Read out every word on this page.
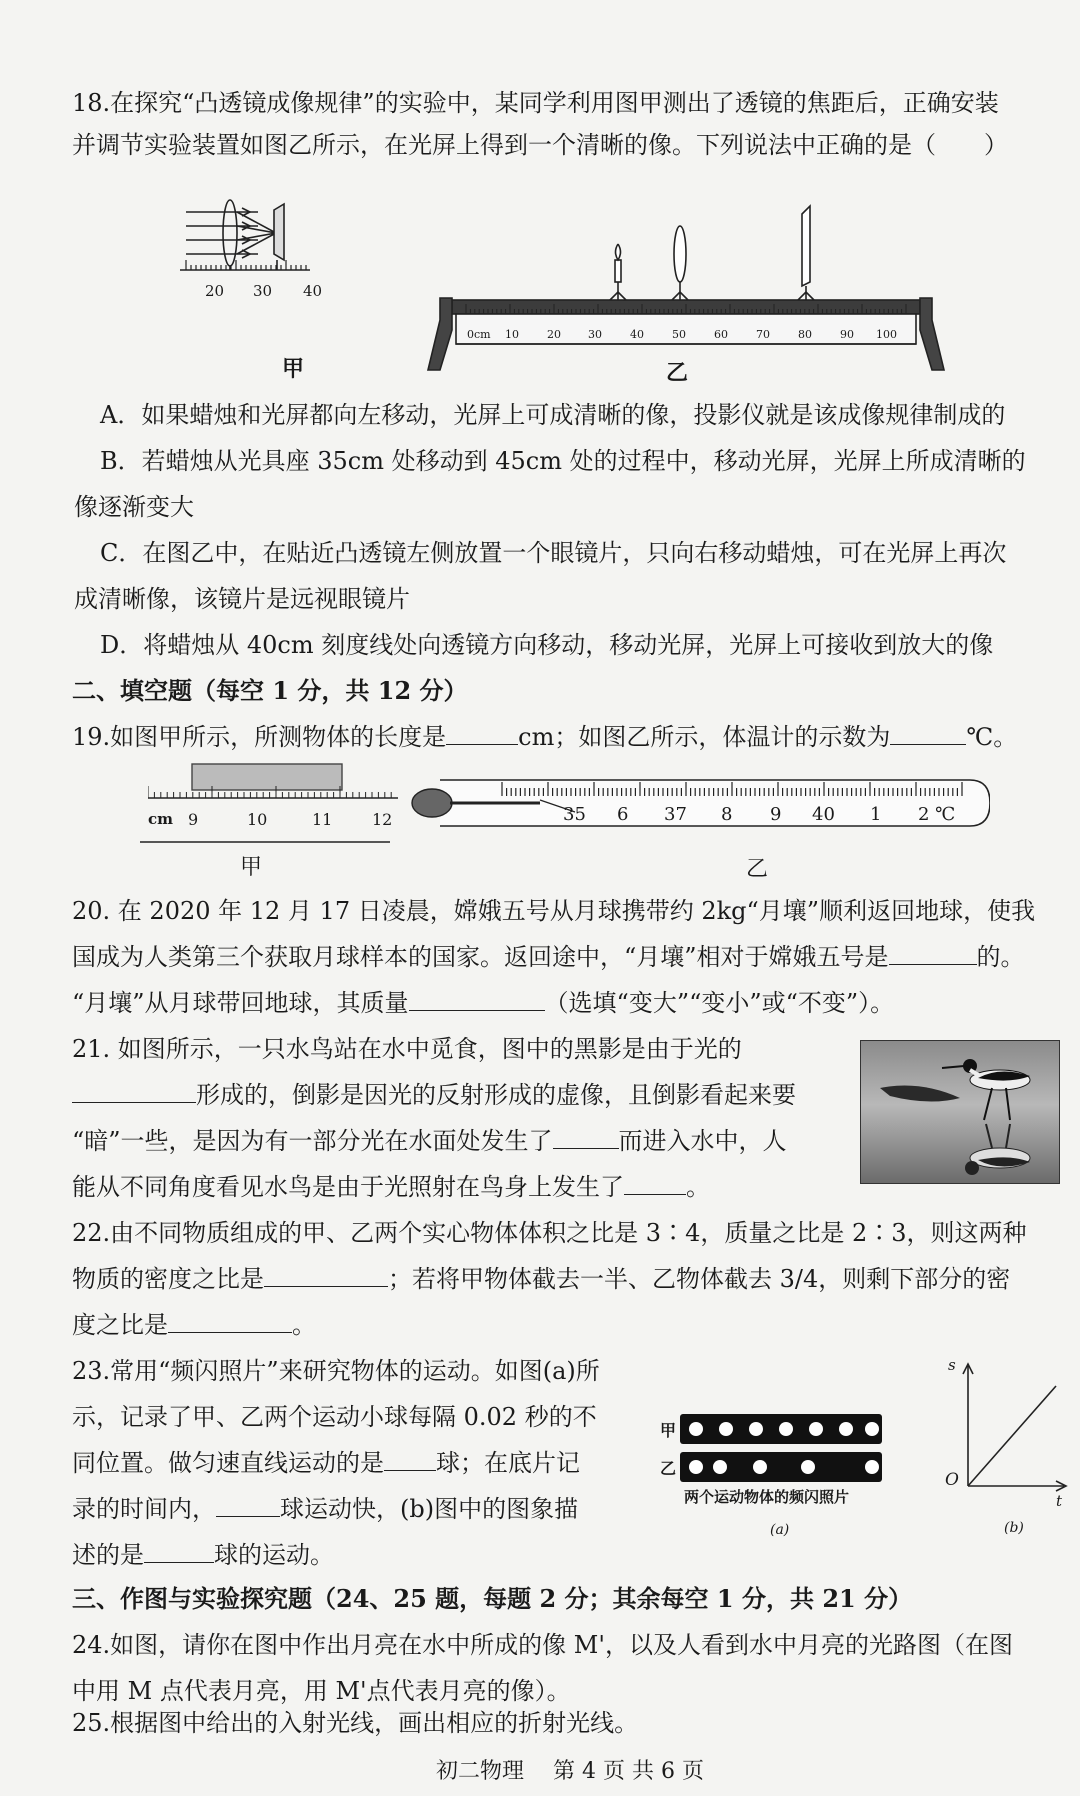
18.在探究“凸透镜成像规律”的实验中，某同学利用图甲测出了透镜的焦距后，正确安装
并调节实验装置如图乙所示，在光屏上得到一个清晰的像。下列说法中正确的是（　　）
20 30 40
甲
0cm 10	20 30	40	50	60	70	80	90 100
乙
A．如果蜡烛和光屏都向左移动，光屏上可成清晰的像，投影仪就是该成像规律制成的
B．若蜡烛从光具座 35cm 处移动到 45cm 处的过程中，移动光屏，光屏上所成清晰的
像逐渐变大
C．在图乙中，在贴近凸透镜左侧放置一个眼镜片，只向右移动蜡烛，可在光屏上再次
成清晰像，该镜片是远视眼镜片
D．将蜡烛从 40cm 刻度线处向透镜方向移动，移动光屏，光屏上可接收到放大的像
二、填空题（每空 1 分，共 12 分）
19.如图甲所示，所测物体的长度是	cm；如图乙所示，体温计的示数为	℃。
cm 9	10	11 12
甲
35 6 37 8 9 40 1 2 ℃
乙
20. 在 2020 年 12 月 17 日凌晨，嫦娥五号从月球携带约 2kg“月壤”顺利返回地球，使我
国成为人类第三个获取月球样本的国家。返回途中，“月壤”相对于嫦娥五号是	的。
“月壤”从月球带回地球，其质量	（选填“变大”“变小”或“不变”）。
21. 如图所示，一只水鸟站在水中觅食，图中的黑影是由于光的
形成的，倒影是因光的反射形成的虚像，且倒影看起来要
“暗”一些，是因为有一部分光在水面处发生了	而进入水中，人
能从不同角度看见水鸟是由于光照射在鸟身上发生了	。
22.由不同物质组成的甲、乙两个实心物体体积之比是 3∶4，质量之比是 2∶3，则这两种
物质的密度之比是	；若将甲物体截去一半、乙物体截去 3/4，则剩下部分的密
度之比是	。
23.常用“频闪照片”来研究物体的运动。如图(a)所
示，记录了甲、乙两个运动小球每隔 0.02 秒的不
同位置。做匀速直线运动的是 球；在底片记
录的时间内，	球运动快，(b)图中的图象描
述的是	球的运动。
甲
乙
两个运动物体的频闪照片
(a)
s
O
t
(b)
三、作图与实验探究题（24、25 题，每题 2 分；其余每空 1 分，共 21 分）
24.如图，请你在图中作出月亮在水中所成的像 M'，以及人看到水中月亮的光路图（在图
中用 M 点代表月亮，用 M'点代表月亮的像）。
25.根据图中给出的入射光线，画出相应的折射光线。
初二物理　 第 4 页 共 6 页
